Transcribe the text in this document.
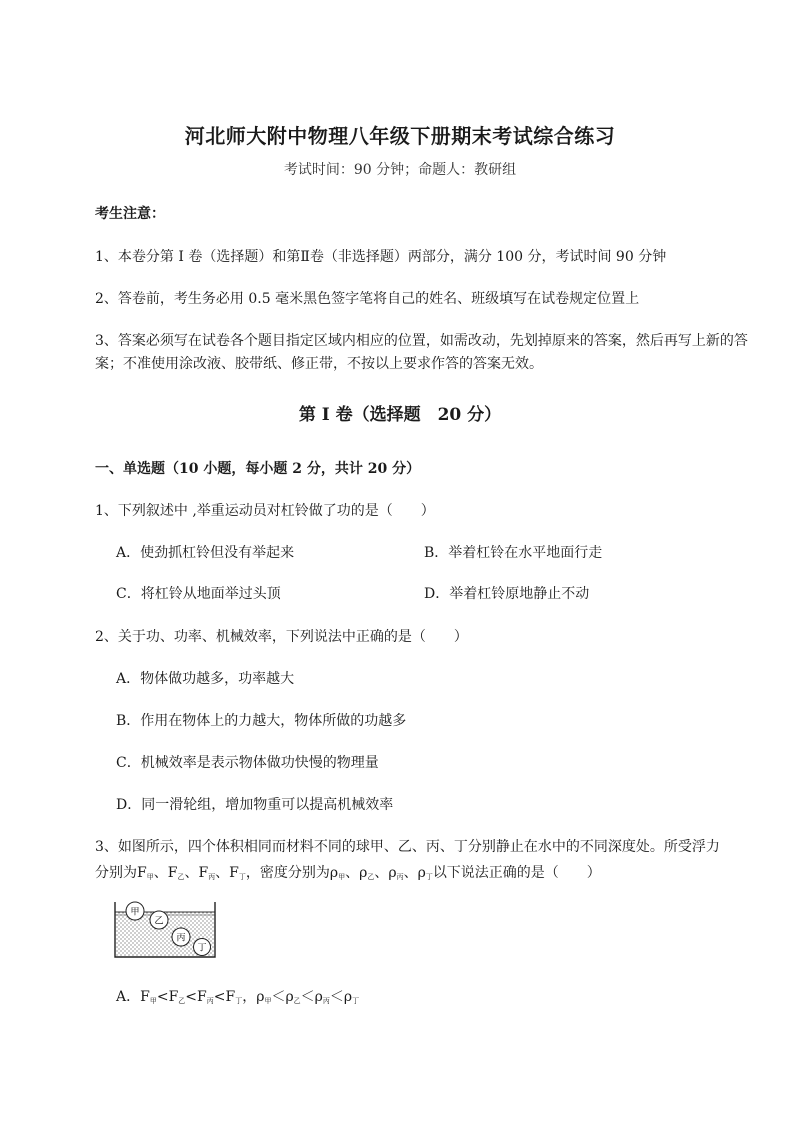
河北师大附中物理八年级下册期末考试综合练习
考试时间：90 分钟；命题人：教研组
考生注意：
1、本卷分第 I 卷（选择题）和第Ⅱ卷（非选择题）两部分，满分 100 分，考试时间 90 分钟
2、答卷前，考生务必用 0.5 毫米黑色签字笔将自己的姓名、班级填写在试卷规定位置上
3、答案必须写在试卷各个题目指定区域内相应的位置，如需改动，先划掉原来的答案，然后再写上新的答案；不准使用涂改液、胶带纸、修正带，不按以上要求作答的答案无效。
第 I 卷（选择题　20 分）
一、单选题（10 小题，每小题 2 分，共计 20 分）
1、下列叙述中 ,举重运动员对杠铃做了功的是（　　）
A．使劲抓杠铃但没有举起来	B．举着杠铃在水平地面行走
C．将杠铃从地面举过头顶	D．举着杠铃原地静止不动
2、关于功、功率、机械效率，下列说法中正确的是（　　）
A．物体做功越多，功率越大
B．作用在物体上的力越大，物体所做的功越多
C．机械效率是表示物体做功快慢的物理量
D．同一滑轮组，增加物重可以提高机械效率
3、如图所示，四个体积相同而材料不同的球甲、乙、丙、丁分别静止在水中的不同深度处。所受浮力
分别为$F_甲$、$F_乙$、$F_丙$、$F_丁$，密度分别为$\rho_甲$、$\rho_乙$、$\rho_丙$、$\rho_丁$以下说法正确的是（　　）
甲
乙
丙
丁
A．$F_甲<F_乙<F_丙<F_丁$，$\rho_甲<\rho_乙<\rho_丙<\rho_丁$
